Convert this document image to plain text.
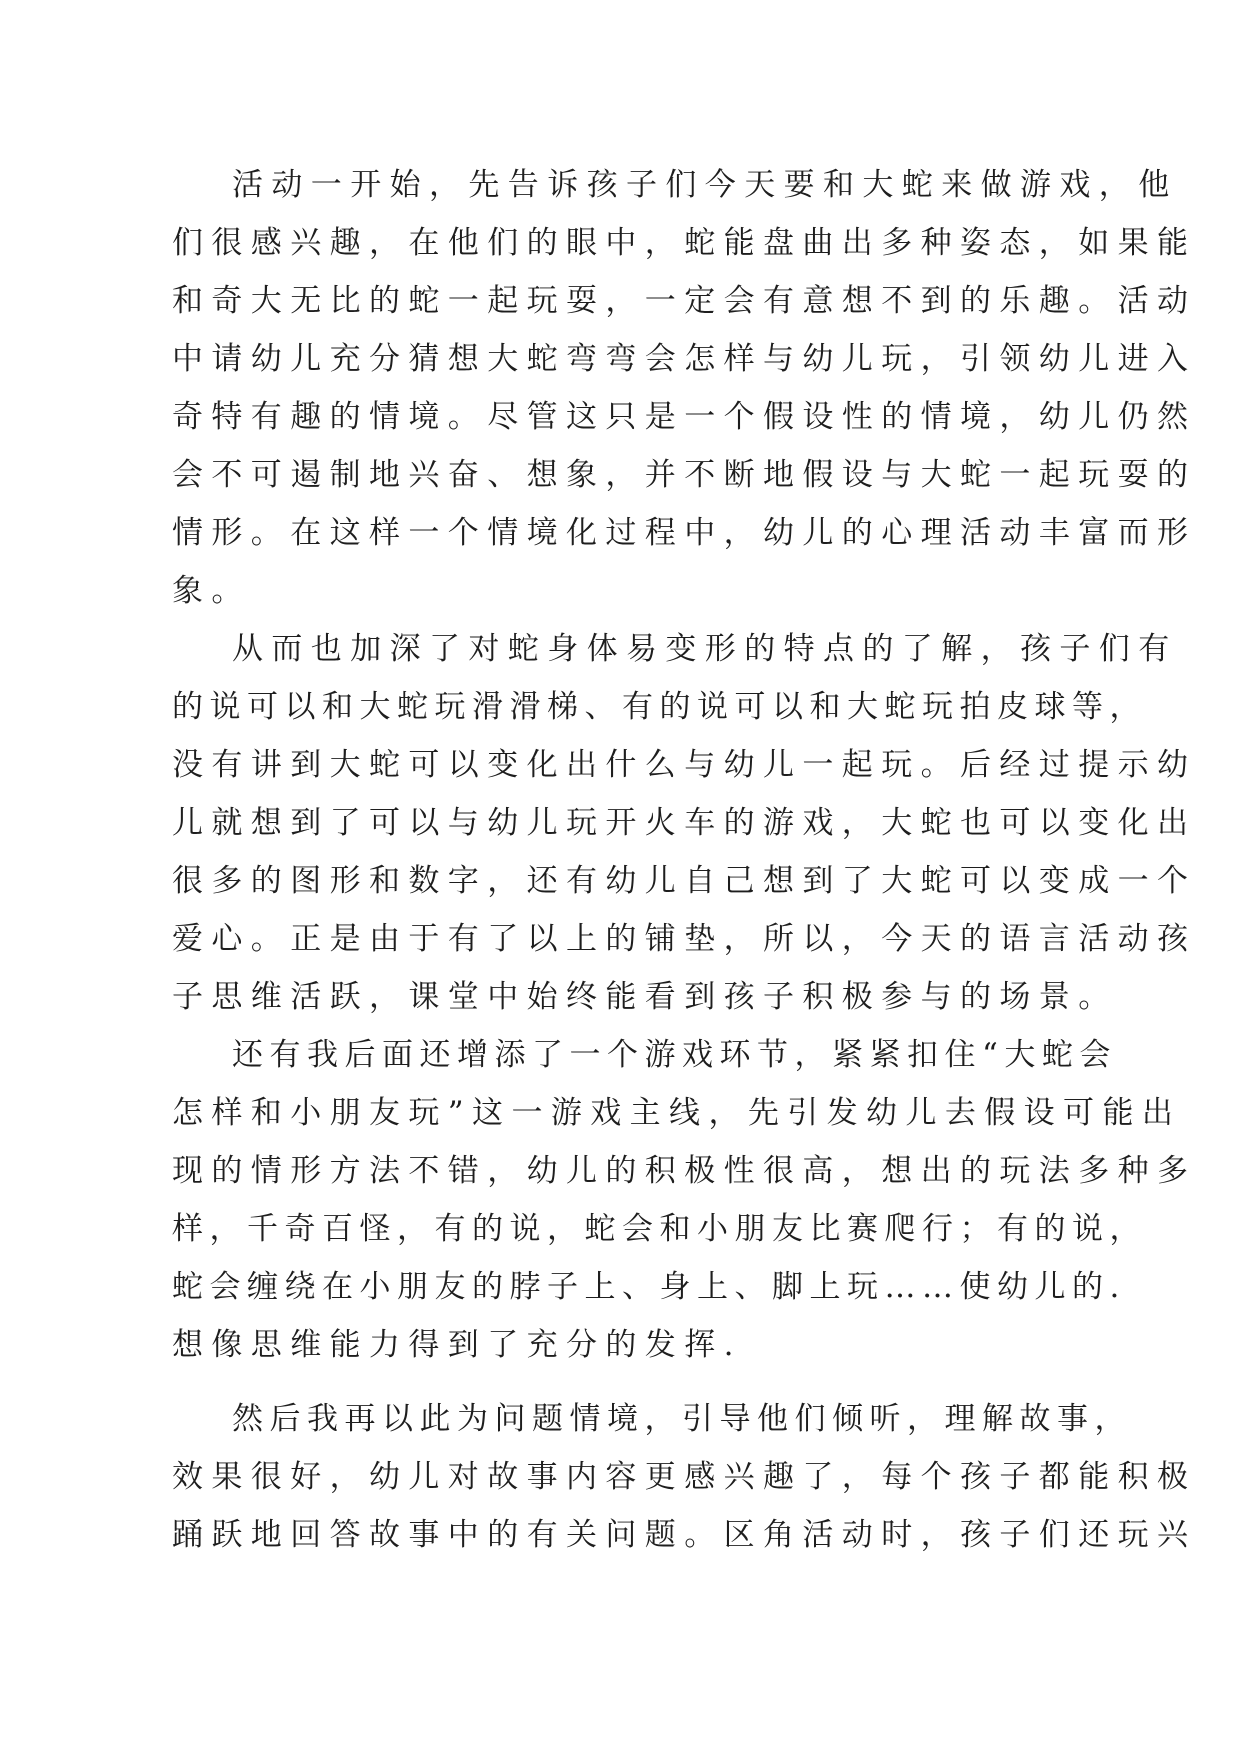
活动一开始，先告诉孩子们今天要和大蛇来做游戏，他
们很感兴趣，在他们的眼中，蛇能盘曲出多种姿态，如果能
和奇大无比的蛇一起玩耍，一定会有意想不到的乐趣。活动
中请幼儿充分猜想大蛇弯弯会怎样与幼儿玩，引领幼儿进入
奇特有趣的情境。尽管这只是一个假设性的情境，幼儿仍然
会不可遏制地兴奋、想象，并不断地假设与大蛇一起玩耍的
情形。在这样一个情境化过程中，幼儿的心理活动丰富而形
象。
从而也加深了对蛇身体易变形的特点的了解，孩子们有
的说可以和大蛇玩滑滑梯、有的说可以和大蛇玩拍皮球等，
没有讲到大蛇可以变化出什么与幼儿一起玩。后经过提示幼
儿就想到了可以与幼儿玩开火车的游戏，大蛇也可以变化出
很多的图形和数字，还有幼儿自己想到了大蛇可以变成一个
爱心。正是由于有了以上的铺垫，所以，今天的语言活动孩
子思维活跃，课堂中始终能看到孩子积极参与的场景。
还有我后面还增添了一个游戏环节，紧紧扣住“大蛇会
怎样和小朋友玩”这一游戏主线，先引发幼儿去假设可能出
现的情形方法不错，幼儿的积极性很高，想出的玩法多种多
样，千奇百怪，有的说，蛇会和小朋友比赛爬行；有的说，
蛇会缠绕在小朋友的脖子上、身上、脚上玩……使幼儿的.
想像思维能力得到了充分的发挥.
然后我再以此为问题情境，引导他们倾听，理解故事，
效果很好，幼儿对故事内容更感兴趣了，每个孩子都能积极
踊跃地回答故事中的有关问题。区角活动时，孩子们还玩兴
